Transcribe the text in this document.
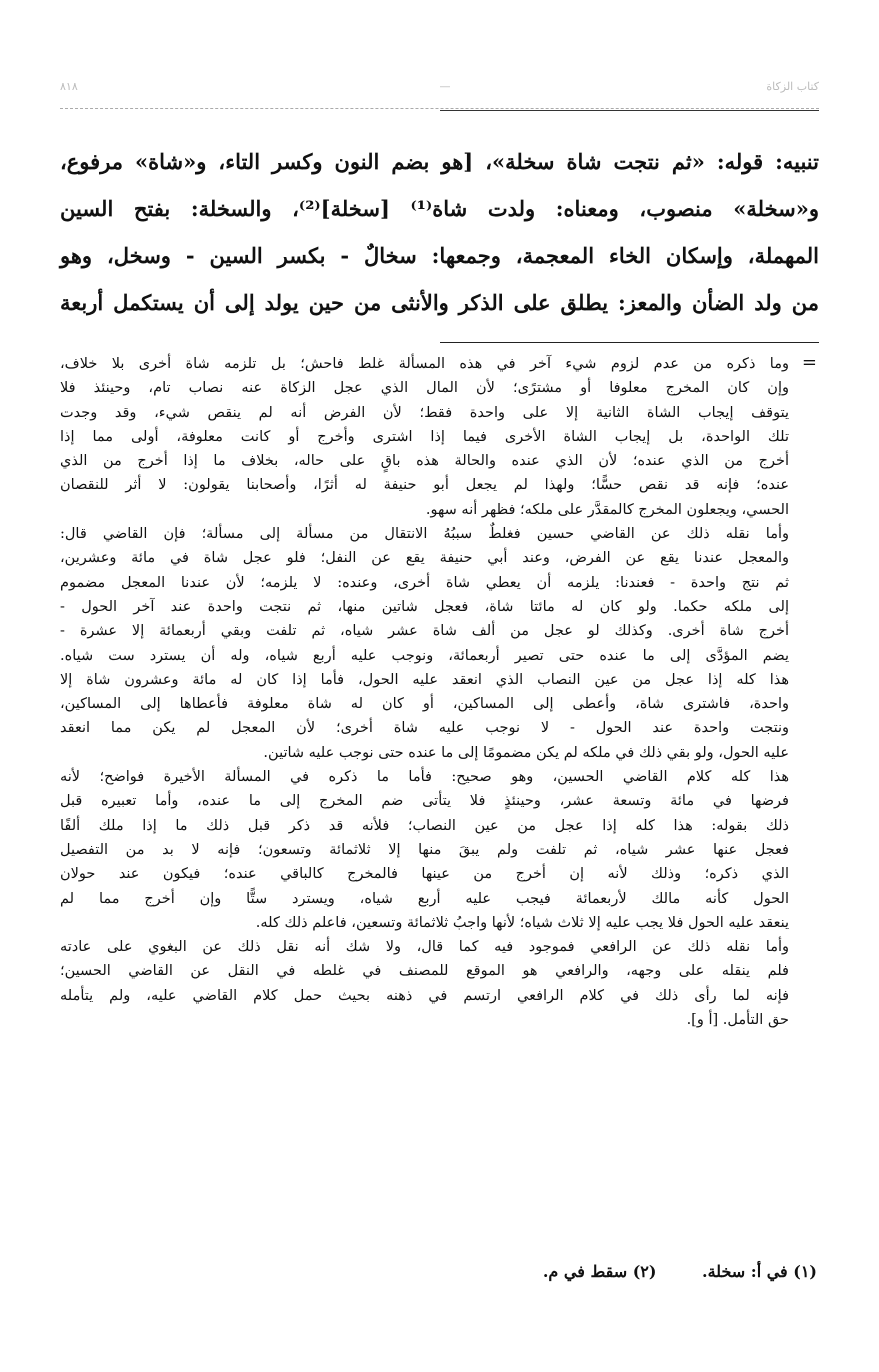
٨١٨	—	كتاب الزكاة
تنبيه: قوله: «ثم نتجت شاة سخلة»، [هو بضم النون وكسر التاء، و«شاة» مرفوع،
و«سخلة» منصوب، ومعناه: ولدت شاة⁽¹⁾ [سخلة]⁽²⁾، والسخلة: بفتح السين
المهملة، وإسكان الخاء المعجمة، وجمعها: سخالٌ - بكسر السين - وسخل، وهو
من ولد الضأن والمعز: يطلق على الذكر والأنثى من حين يولد إلى أن يستكمل أربعة
=
وما ذكره من عدم لزوم شيء آخر في هذه المسألة غلط فاحش؛ بل تلزمه شاة أخرى بلا خلاف،
وإن كان المخرج معلوفا أو مشترًى؛ لأن المال الذي عجل الزكاة عنه نصاب تام، وحينئذ فلا
يتوقف إيجاب الشاة الثانية إلا على واحدة فقط؛ لأن الفرض أنه لم ينقص شيء، وقد وجدت
تلك الواحدة، بل إيجاب الشاة الأخرى فيما إذا اشترى وأخرج أو كانت معلوفة، أولى مما إذا
أخرج من الذي عنده؛ لأن الذي عنده والحالة هذه باقٍ على حاله، بخلاف ما إذا أخرج من الذي
عنده؛ فإنه قد نقص حسًّا؛ ولهذا لم يجعل أبو حنيفة له أثرًا، وأصحابنا يقولون: لا أثر للنقصان
الحسي، ويجعلون المخرج كالمقدَّر على ملكه؛ فظهر أنه سهو.
وأما نقله ذلك عن القاضي حسين فغلطٌ سببُهُ الانتقال من مسألة إلى مسألة؛ فإن القاضي قال:
والمعجل عندنا يقع عن الفرض، وعند أبي حنيفة يقع عن النفل؛ فلو عجل شاة في مائة وعشرين،
ثم نتج واحدة - فعندنا: يلزمه أن يعطي شاة أخرى، وعنده: لا يلزمه؛ لأن عندنا المعجل مضموم
إلى ملكه حكما. ولو كان له مائتا شاة، فعجل شاتين منها، ثم نتجت واحدة عند آخر الحول -
أخرج شاة أخرى. وكذلك لو عجل من ألف شاة عشر شياه، ثم تلفت وبقي أربعمائة إلا عشرة -
يضم المؤدَّى إلى ما عنده حتى تصير أربعمائة، ونوجب عليه أربع شياه، وله أن يسترد ست شياه.
هذا كله إذا عجل من عين النصاب الذي انعقد عليه الحول، فأما إذا كان له مائة وعشرون شاة إلا
واحدة، فاشترى شاة، وأعطى إلى المساكين، أو كان له شاة معلوفة فأعطاها إلى المساكين،
ونتجت واحدة عند الحول - لا نوجب عليه شاة أخرى؛ لأن المعجل لم يكن مما انعقد
عليه الحول، ولو بقي ذلك في ملكه لم يكن مضمومًا إلى ما عنده حتى نوجب عليه شاتين.
هذا كله كلام القاضي الحسين، وهو صحيح: فأما ما ذكره في المسألة الأخيرة فواضح؛ لأنه
فرضها في مائة وتسعة عشر، وحينئذٍ فلا يتأتى ضم المخرج إلى ما عنده، وأما تعبيره قبل
ذلك بقوله: هذا كله إذا عجل من عين النصاب؛ فلأنه قد ذكر قبل ذلك ما إذا ملك ألفًا
فعجل عنها عشر شياه، ثم تلفت ولم يبقَ منها إلا ثلاثمائة وتسعون؛ فإنه لا بد من التفصيل
الذي ذكره؛ وذلك لأنه إن أخرج من عينها فالمخرج كالباقي عنده؛ فيكون عند حولان
الحول كأنه مالك لأربعمائة فيجب عليه أربع شياه، ويسترد ستًّا وإن أخرج مما لم
ينعقد عليه الحول فلا يجب عليه إلا ثلاث شياه؛ لأنها واجبُ ثلاثمائة وتسعين، فاعلم ذلك كله.
وأما نقله ذلك عن الرافعي فموجود فيه كما قال، ولا شك أنه نقل ذلك عن البغوي على عادته
فلم ينقله على وجهه، والرافعي هو الموقع للمصنف في غلطه في النقل عن القاضي الحسين؛
فإنه لما رأى ذلك في كلام الرافعي ارتسم في ذهنه بحيث حمل كلام القاضي عليه، ولم يتأمله
حق التأمل. [أ و].
(١) في أ: سخلة. (٢) سقط في م.
